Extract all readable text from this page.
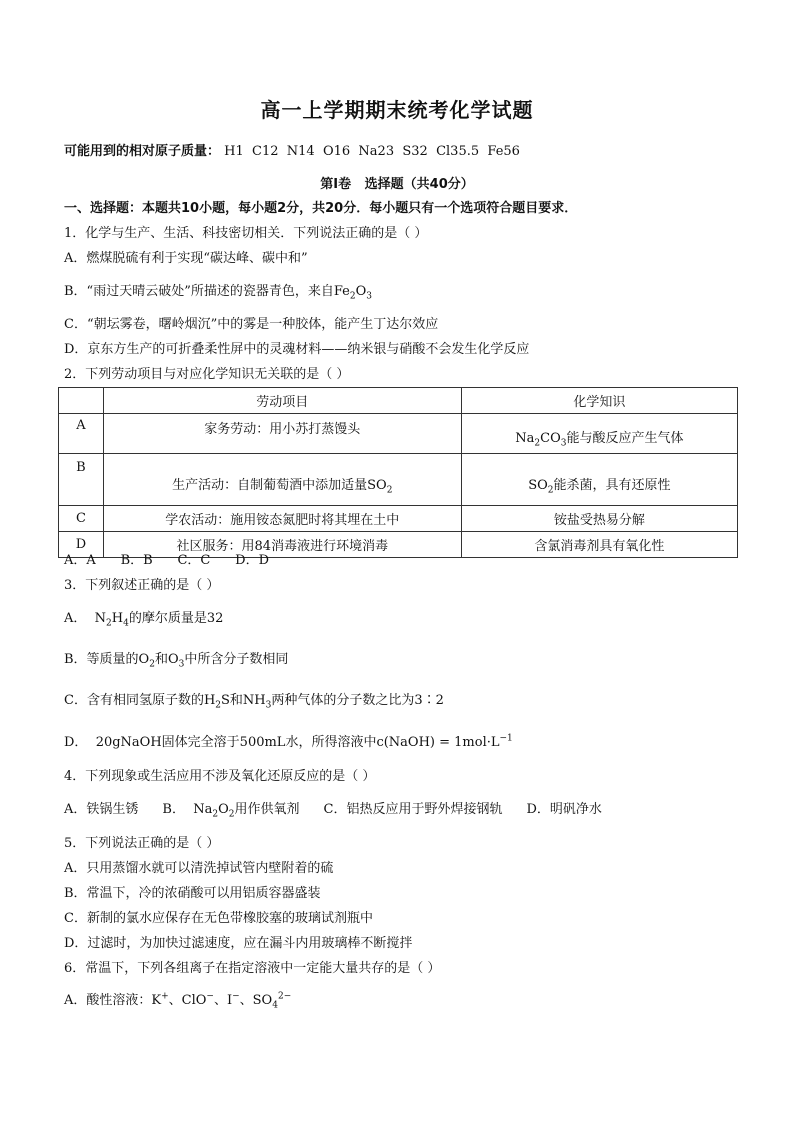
高一上学期期末统考化学试题
可能用到的相对原子质量： H1  C12  N14  O16  Na23  S32  Cl35.5  Fe56
第Ⅰ卷   选择题（共40分）
一、选择题：本题共10小题，每小题2分，共20分．每小题只有一个选项符合题目要求．
1．化学与生产、生活、科技密切相关．下列说法正确的是（ ）
A．燃煤脱硫有利于实现“碳达峰、碳中和”
B．“雨过天晴云破处”所描述的瓷器青色，来自$Fe_2O_3$
C．“朝坛雾卷，曙岭烟沉”中的雾是一种胶体，能产生丁达尔效应
D．京东方生产的可折叠柔性屏中的灵魂材料——纳米银与硝酸不会发生化学反应
2．下列劳动项目与对应化学知识无关联的是（ ）
	劳动项目	化学知识
A	家务劳动：用小苏打蒸馒头	$Na_2CO_3$能与酸反应产生气体
B	生产活动：自制葡萄酒中添加适量$SO_2$	$SO_2$能杀菌，具有还原性
C	学农活动：施用铵态氮肥时将其埋在土中	铵盐受热易分解
D	社区服务：用84消毒液进行环境消毒	含氯消毒剂具有氧化性
A．A      B．B      C．C      D．D
3．下列叙述正确的是（ ）
A．  $N_2H_4$的摩尔质量是32
B．等质量的$O_2$和$O_3$中所含分子数相同
C．含有相同氢原子数的$H_2S$和$NH_3$两种气体的分子数之比为3∶2
D．  20gNaOH固体完全溶于500mL水，所得溶液中c(NaOH) = $1mol\cdot L^{-1}$
4．下列现象或生活应用不涉及氧化还原反应的是（ ）
A．铁锅生锈 B．  $Na_2O_2$用作供氧剂 C．铝热反应用于野外焊接钢轨 D．明矾净水
5．下列说法正确的是（ ）
A．只用蒸馏水就可以清洗掉试管内壁附着的硫
B．常温下，冷的浓硝酸可以用铝质容器盛装
C．新制的氯水应保存在无色带橡胶塞的玻璃试剂瓶中
D．过滤时，为加快过滤速度，应在漏斗内用玻璃棒不断搅拌
6．常温下，下列各组离子在指定溶液中一定能大量共存的是（ ）
A．酸性溶液：K+、ClO−、I−、$SO_4^{2-}$
